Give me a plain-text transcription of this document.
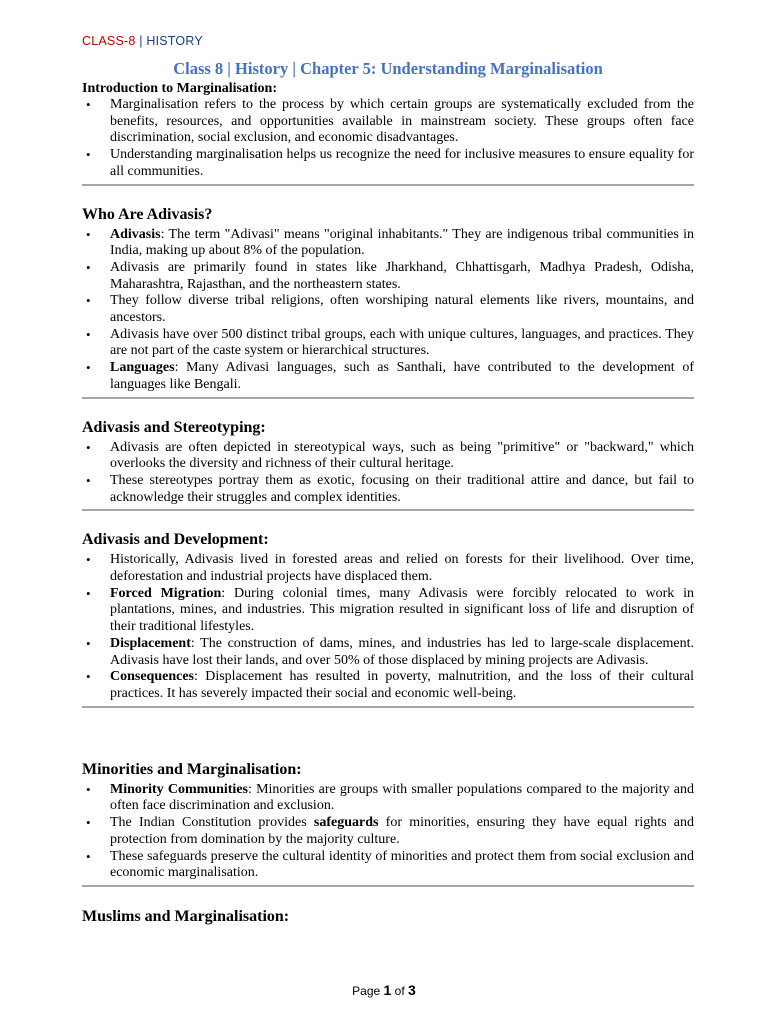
CLASS-8 | HISTORY
Class 8 | History | Chapter 5: Understanding Marginalisation
Introduction to Marginalisation:
• Marginalisation refers to the process by which certain groups are systematically excluded from the benefits, resources, and opportunities available in mainstream society. These groups often face discrimination, social exclusion, and economic disadvantages.
• Understanding marginalisation helps us recognize the need for inclusive measures to ensure equality for all communities.
Who Are Adivasis?
• Adivasis: The term "Adivasi" means "original inhabitants." They are indigenous tribal communities in India, making up about 8% of the population.
• Adivasis are primarily found in states like Jharkhand, Chhattisgarh, Madhya Pradesh, Odisha, Maharashtra, Rajasthan, and the northeastern states.
• They follow diverse tribal religions, often worshiping natural elements like rivers, mountains, and ancestors.
• Adivasis have over 500 distinct tribal groups, each with unique cultures, languages, and practices. They are not part of the caste system or hierarchical structures.
• Languages: Many Adivasi languages, such as Santhali, have contributed to the development of languages like Bengali.
Adivasis and Stereotyping:
• Adivasis are often depicted in stereotypical ways, such as being "primitive" or "backward," which overlooks the diversity and richness of their cultural heritage.
• These stereotypes portray them as exotic, focusing on their traditional attire and dance, but fail to acknowledge their struggles and complex identities.
Adivasis and Development:
• Historically, Adivasis lived in forested areas and relied on forests for their livelihood. Over time, deforestation and industrial projects have displaced them.
• Forced Migration: During colonial times, many Adivasis were forcibly relocated to work in plantations, mines, and industries. This migration resulted in significant loss of life and disruption of their traditional lifestyles.
• Displacement: The construction of dams, mines, and industries has led to large-scale displacement. Adivasis have lost their lands, and over 50% of those displaced by mining projects are Adivasis.
• Consequences: Displacement has resulted in poverty, malnutrition, and the loss of their cultural practices. It has severely impacted their social and economic well-being.
Minorities and Marginalisation:
• Minority Communities: Minorities are groups with smaller populations compared to the majority and often face discrimination and exclusion.
• The Indian Constitution provides safeguards for minorities, ensuring they have equal rights and protection from domination by the majority culture.
• These safeguards preserve the cultural identity of minorities and protect them from social exclusion and economic marginalisation.
Muslims and Marginalisation:
Page 1 of 3
